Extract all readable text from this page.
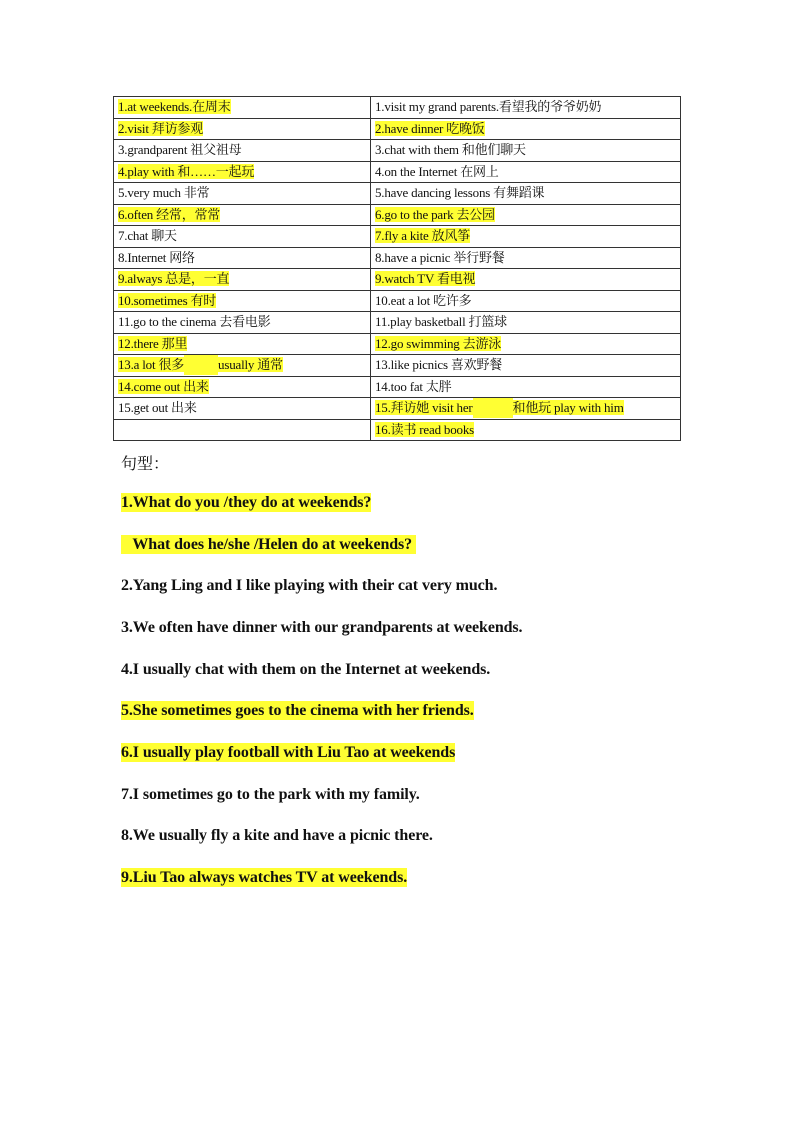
1.at weekends.在周末	1.visit my grand parents.看望我的爷爷奶奶
2.visit 拜访参观	2.have dinner 吃晚饭
3.grandparent 祖父祖母	3.chat with them 和他们聊天
4.play with 和……一起玩	4.on the Internet 在网上
5.very much 非常	5.have dancing lessons 有舞蹈课
6.often 经常，常常	6.go to the park 去公园
7.chat 聊天	7.fly a kite 放风筝
8.Internet 网络	8.have a picnic 举行野餐
9.always 总是，一直	9.watch TV 看电视
10.sometimes 有时	10.eat a lot 吃许多
11.go to the cinema 去看电影	11.play basketball 打篮球
12.there 那里	12.go swimming 去游泳
13.a lot 很多 usually 通常	13.like picnics 喜欢野餐
14.come out 出来	14.too fat 太胖
15.get out 出来	15.拜访她 visit her 和他玩 play with him
	16.读书 read books
句型：
1.What do you /they do at weekends?
What does he/she /Helen do at weekends?
2.Yang Ling and I like playing with their cat very much.
3.We often have dinner with our grandparents at weekends.
4.I usually chat with them on the Internet at weekends.
5.She sometimes goes to the cinema with her friends.
6.I usually play football with Liu Tao at weekends
7.I sometimes go to the park with my family.
8.We usually fly a kite and have a picnic there.
9.Liu Tao always watches TV at weekends.
